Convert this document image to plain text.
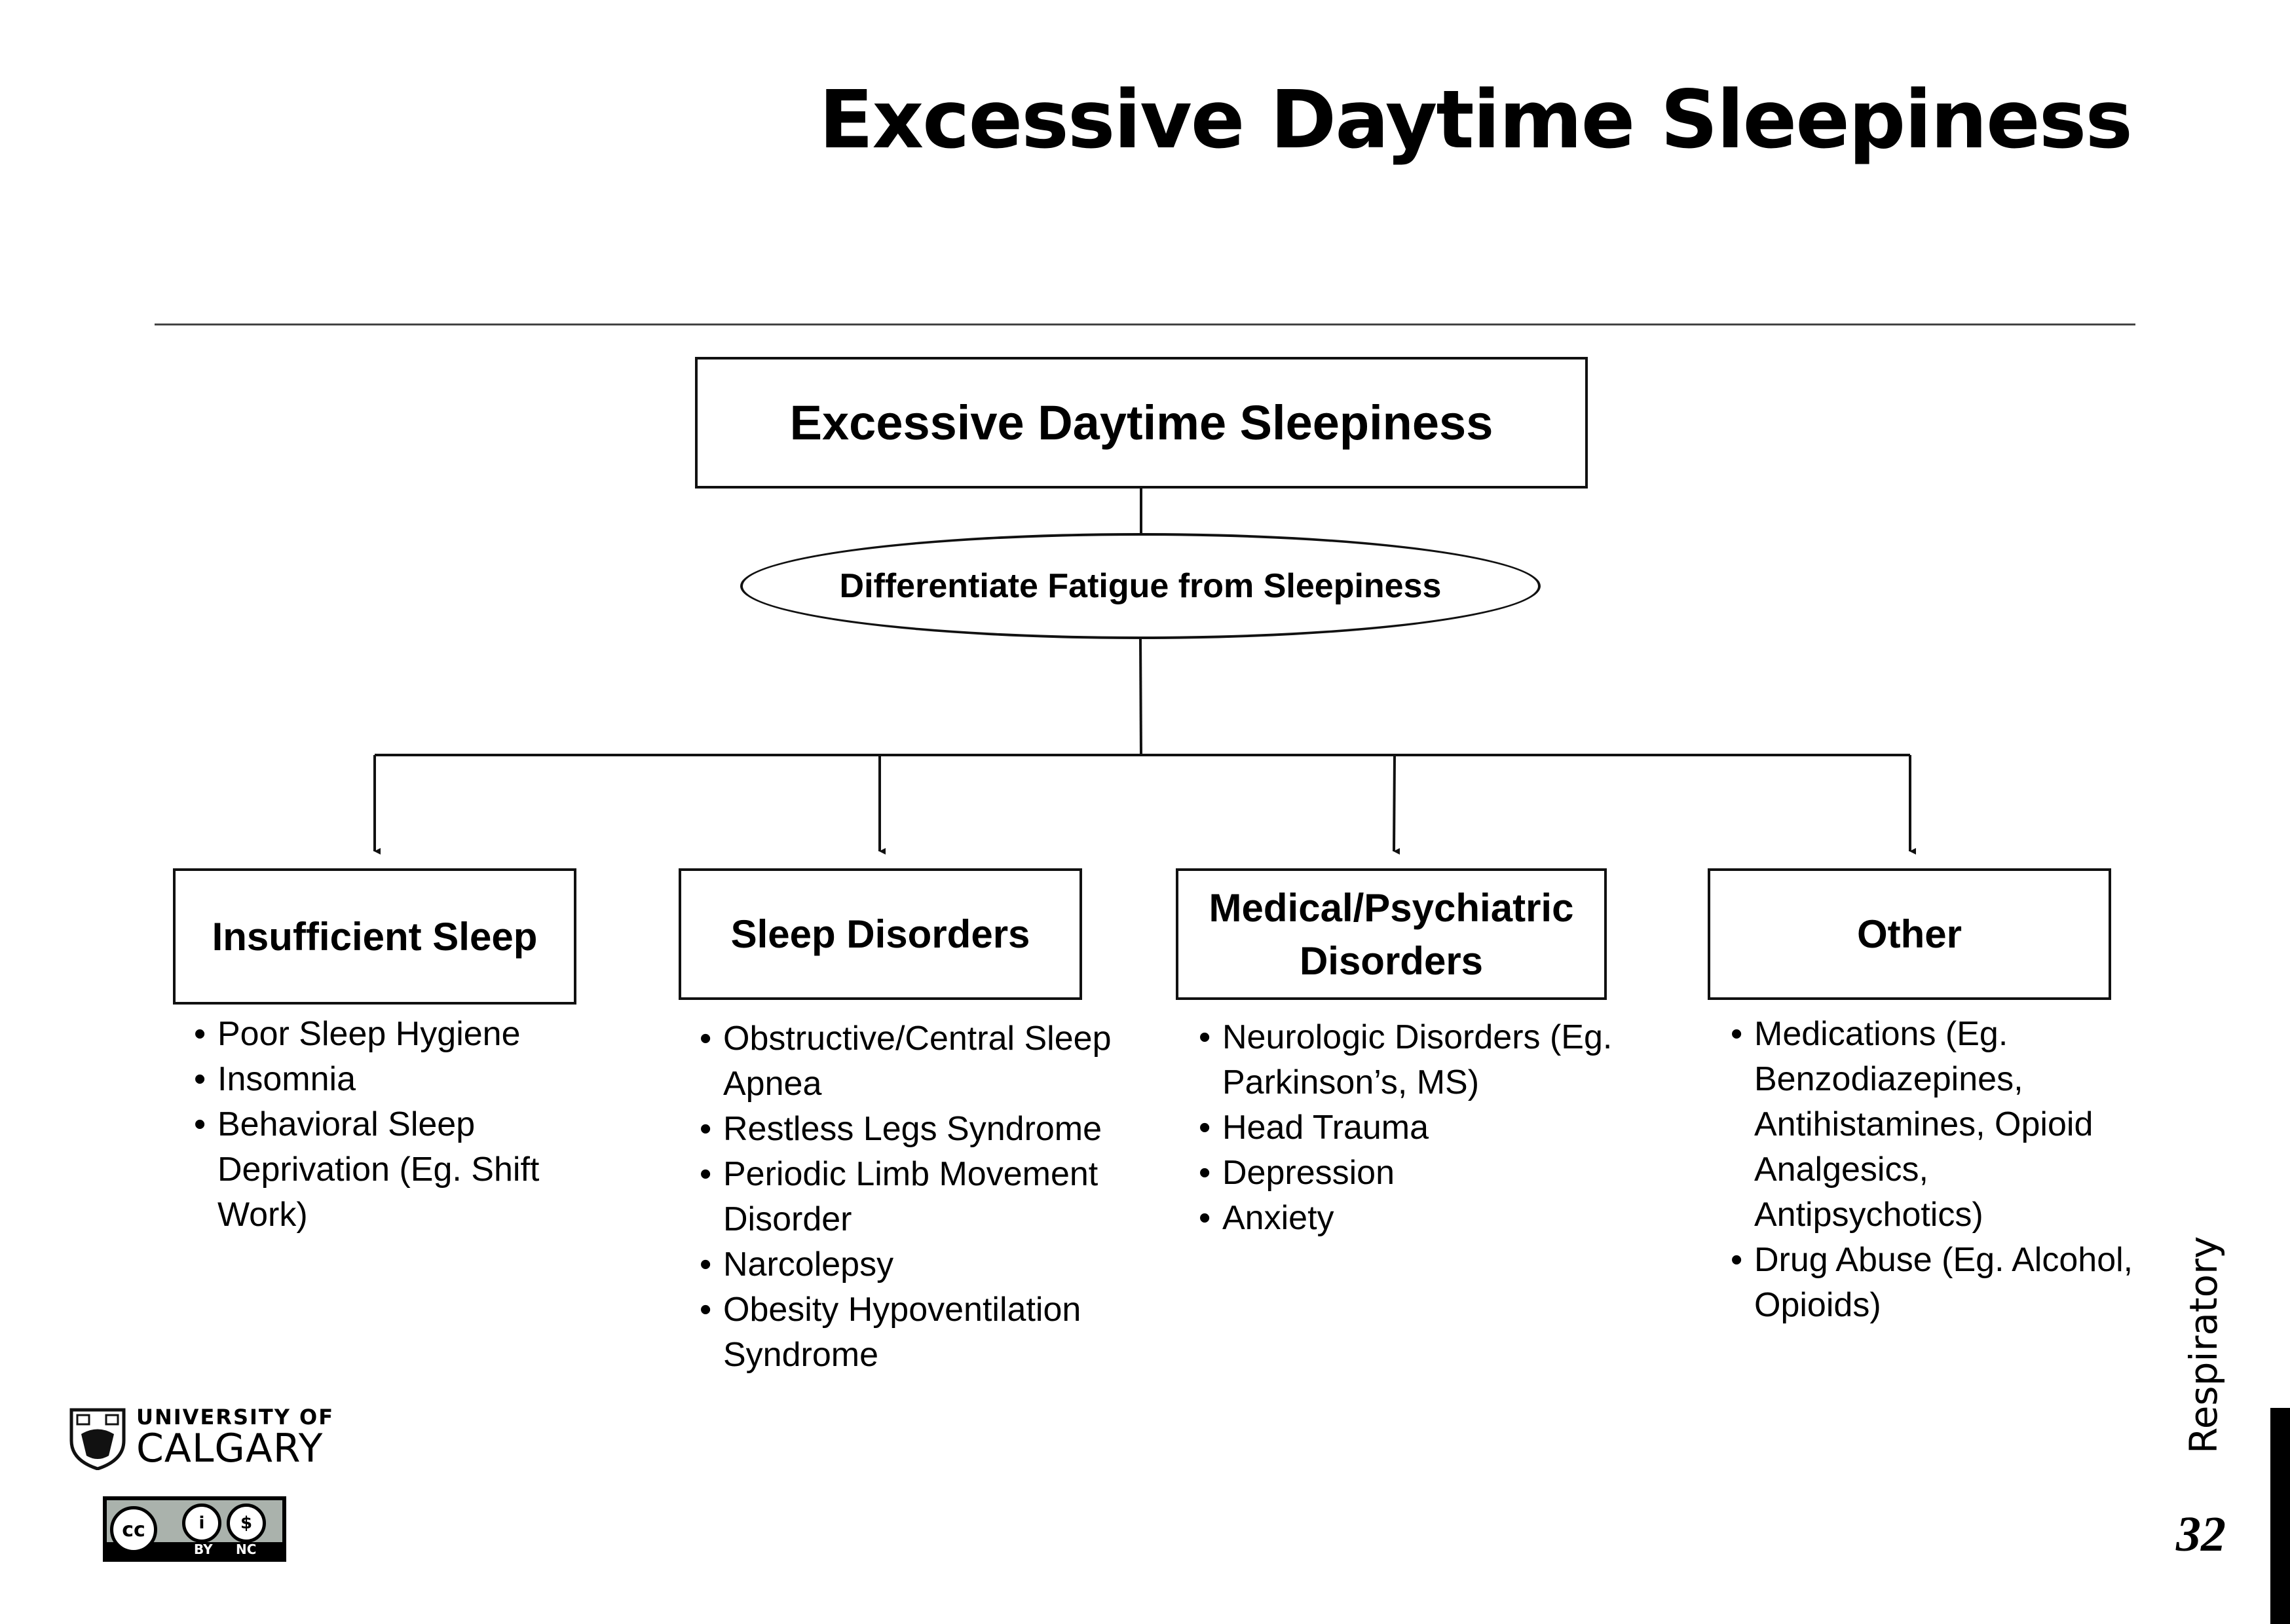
Excessive Daytime Sleepiness
Excessive Daytime Sleepiness
Differentiate Fatigue from Sleepiness
Insufficient Sleep	Sleep Disorders
Medical/Psychiatric Disorders
Other
• Poor Sleep Hygiene
• Insomnia
• Behavioral Sleep Deprivation (Eg. Shift Work)
• Obstructive/Central Sleep Apnea
• Restless Legs Syndrome
• Periodic Limb Movement Disorder
• Narcolepsy
• Obesity Hypoventilation Syndrome
• Neurologic Disorders (Eg. Parkinson’s, MS)
• Head Trauma
• Depression
• Anxiety
• Medications (Eg. Benzodiazepines, Antihistamines, Opioid Analgesics, Antipsychotics)
• Drug Abuse (Eg. Alcohol, Opioids)
UNIVERSITY OF
CALGARY
cc	i	$
BY NC
Respiratory
32
